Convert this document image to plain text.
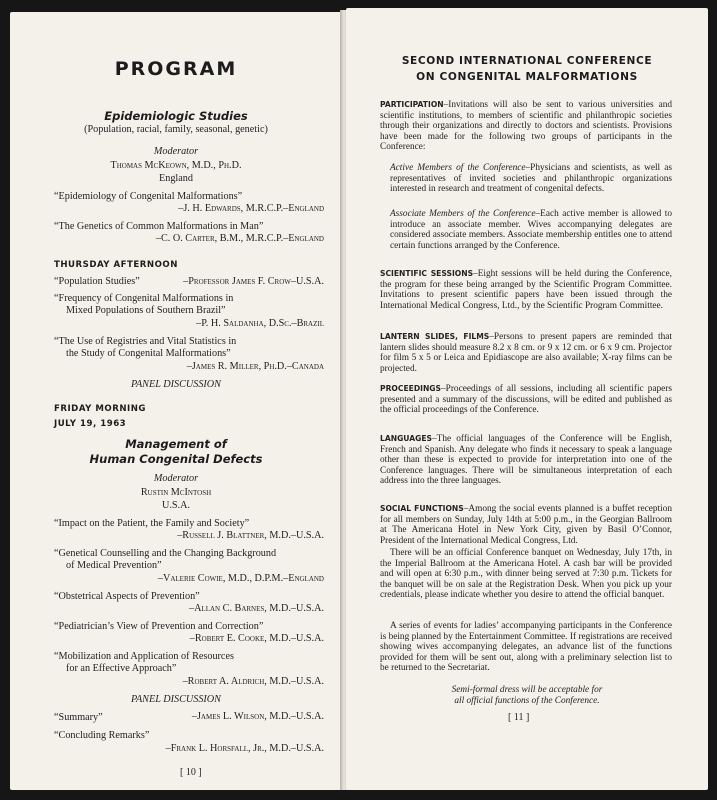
PROGRAM
Epidemiologic Studies
(Population, racial, family, seasonal, genetic)
Moderator
Thomas McKeown, M.D., Ph.D.
England
“Epidemiology of Congenital Malformations”
–J. H. Edwards, M.R.C.P.–England
“The Genetics of Common Malformations in Man”
–C. O. Carter, B.M., M.R.C.P.–England
THURSDAY AFTERNOON
“Population Studies”	–Professor James F. Crow–U.S.A.
“Frequency of Congenital Malformations in
Mixed Populations of Southern Brazil”
–P. H. Saldanha, D.Sc.–Brazil
“The Use of Registries and Vital Statistics in
the Study of Congenital Malformations”
–James R. Miller, Ph.D.–Canada
PANEL DISCUSSION
FRIDAY MORNING
JULY 19, 1963
Management of
Human Congenital Defects
Moderator
Rustin McIntosh
U.S.A.
“Impact on the Patient, the Family and Society”
–Russell J. Blattner, M.D.–U.S.A.
“Genetical Counselling and the Changing Background
of Medical Prevention”
–Valerie Cowie, M.D., D.P.M.–England
“Obstetrical Aspects of Prevention”
–Allan C. Barnes, M.D.–U.S.A.
“Pediatrician’s View of Prevention and Correction”
–Robert E. Cooke, M.D.–U.S.A.
“Mobilization and Application of Resources
for an Effective Approach”
–Robert A. Aldrich, M.D.–U.S.A.
PANEL DISCUSSION
“Summary”	–James L. Wilson, M.D.–U.S.A.
“Concluding Remarks”
–Frank L. Horsfall, Jr., M.D.–U.S.A.
[ 10 ]
SECOND INTERNATIONAL CONFERENCE
ON CONGENITAL MALFORMATIONS
PARTICIPATION–Invitations will also be sent to various universities and scientific institutions, to members of scientific and philanthropic societies through their organizations and directly to doctors and scientists. Provisions have been made for the following two groups of participants in the Conference:
Active Members of the Conference–Physicians and scientists, as well as representatives of invited societies and philanthropic organizations interested in research and treatment of congenital defects.
Associate Members of the Conference–Each active member is allowed to introduce an associate member. Wives accompanying delegates are considered associate members. Associate membership entitles one to attend certain functions arranged by the Conference.
SCIENTIFIC SESSIONS–Eight sessions will be held during the Conference, the program for these being arranged by the Scientific Program Committee. Invitations to present scientific papers have been issued through the International Medical Congress, Ltd., by the Scientific Program Committee.
LANTERN SLIDES, FILMS–Persons to present papers are reminded that lantern slides should measure 8.2 x 8 cm. or 9 x 12 cm. or 6 x 9 cm. Projector for film 5 x 5 or Leica and Epidiascope are also available; X-ray films can be projected.
PROCEEDINGS–Proceedings of all sessions, including all scientific papers presented and a summary of the discussions, will be edited and published as the official proceedings of the Conference.
LANGUAGES–The official languages of the Conference will be English, French and Spanish. Any delegate who finds it necessary to speak a language other than these is expected to provide for interpretation into one of the Conference languages. There will be simultaneous interpretation of each address into the three languages.
SOCIAL FUNCTIONS–Among the social events planned is a buffet reception for all members on Sunday, July 14th at 5:00 p.m., in the Georgian Ballroom at The Americana Hotel in New York City, given by Basil O’Connor, President of the International Medical Congress, Ltd.
There will be an official Conference banquet on Wednesday, July 17th, in the Imperial Ballroom at the Americana Hotel. A cash bar will be provided and will open at 6:30 p.m., with dinner being served at 7:30 p.m. Tickets for the banquet will be on sale at the Registration Desk. When you pick up your credentials, please indicate whether you desire to attend the official banquet.
A series of events for ladies’ accompanying participants in the Conference is being planned by the Entertainment Committee. If registrations are received showing wives accompanying delegates, an advance list of the functions provided for them will be sent out, along with a preliminary selection list to be returned to the Secretariat.
Semi-formal dress will be acceptable for
all official functions of the Conference.
[ 11 ]
